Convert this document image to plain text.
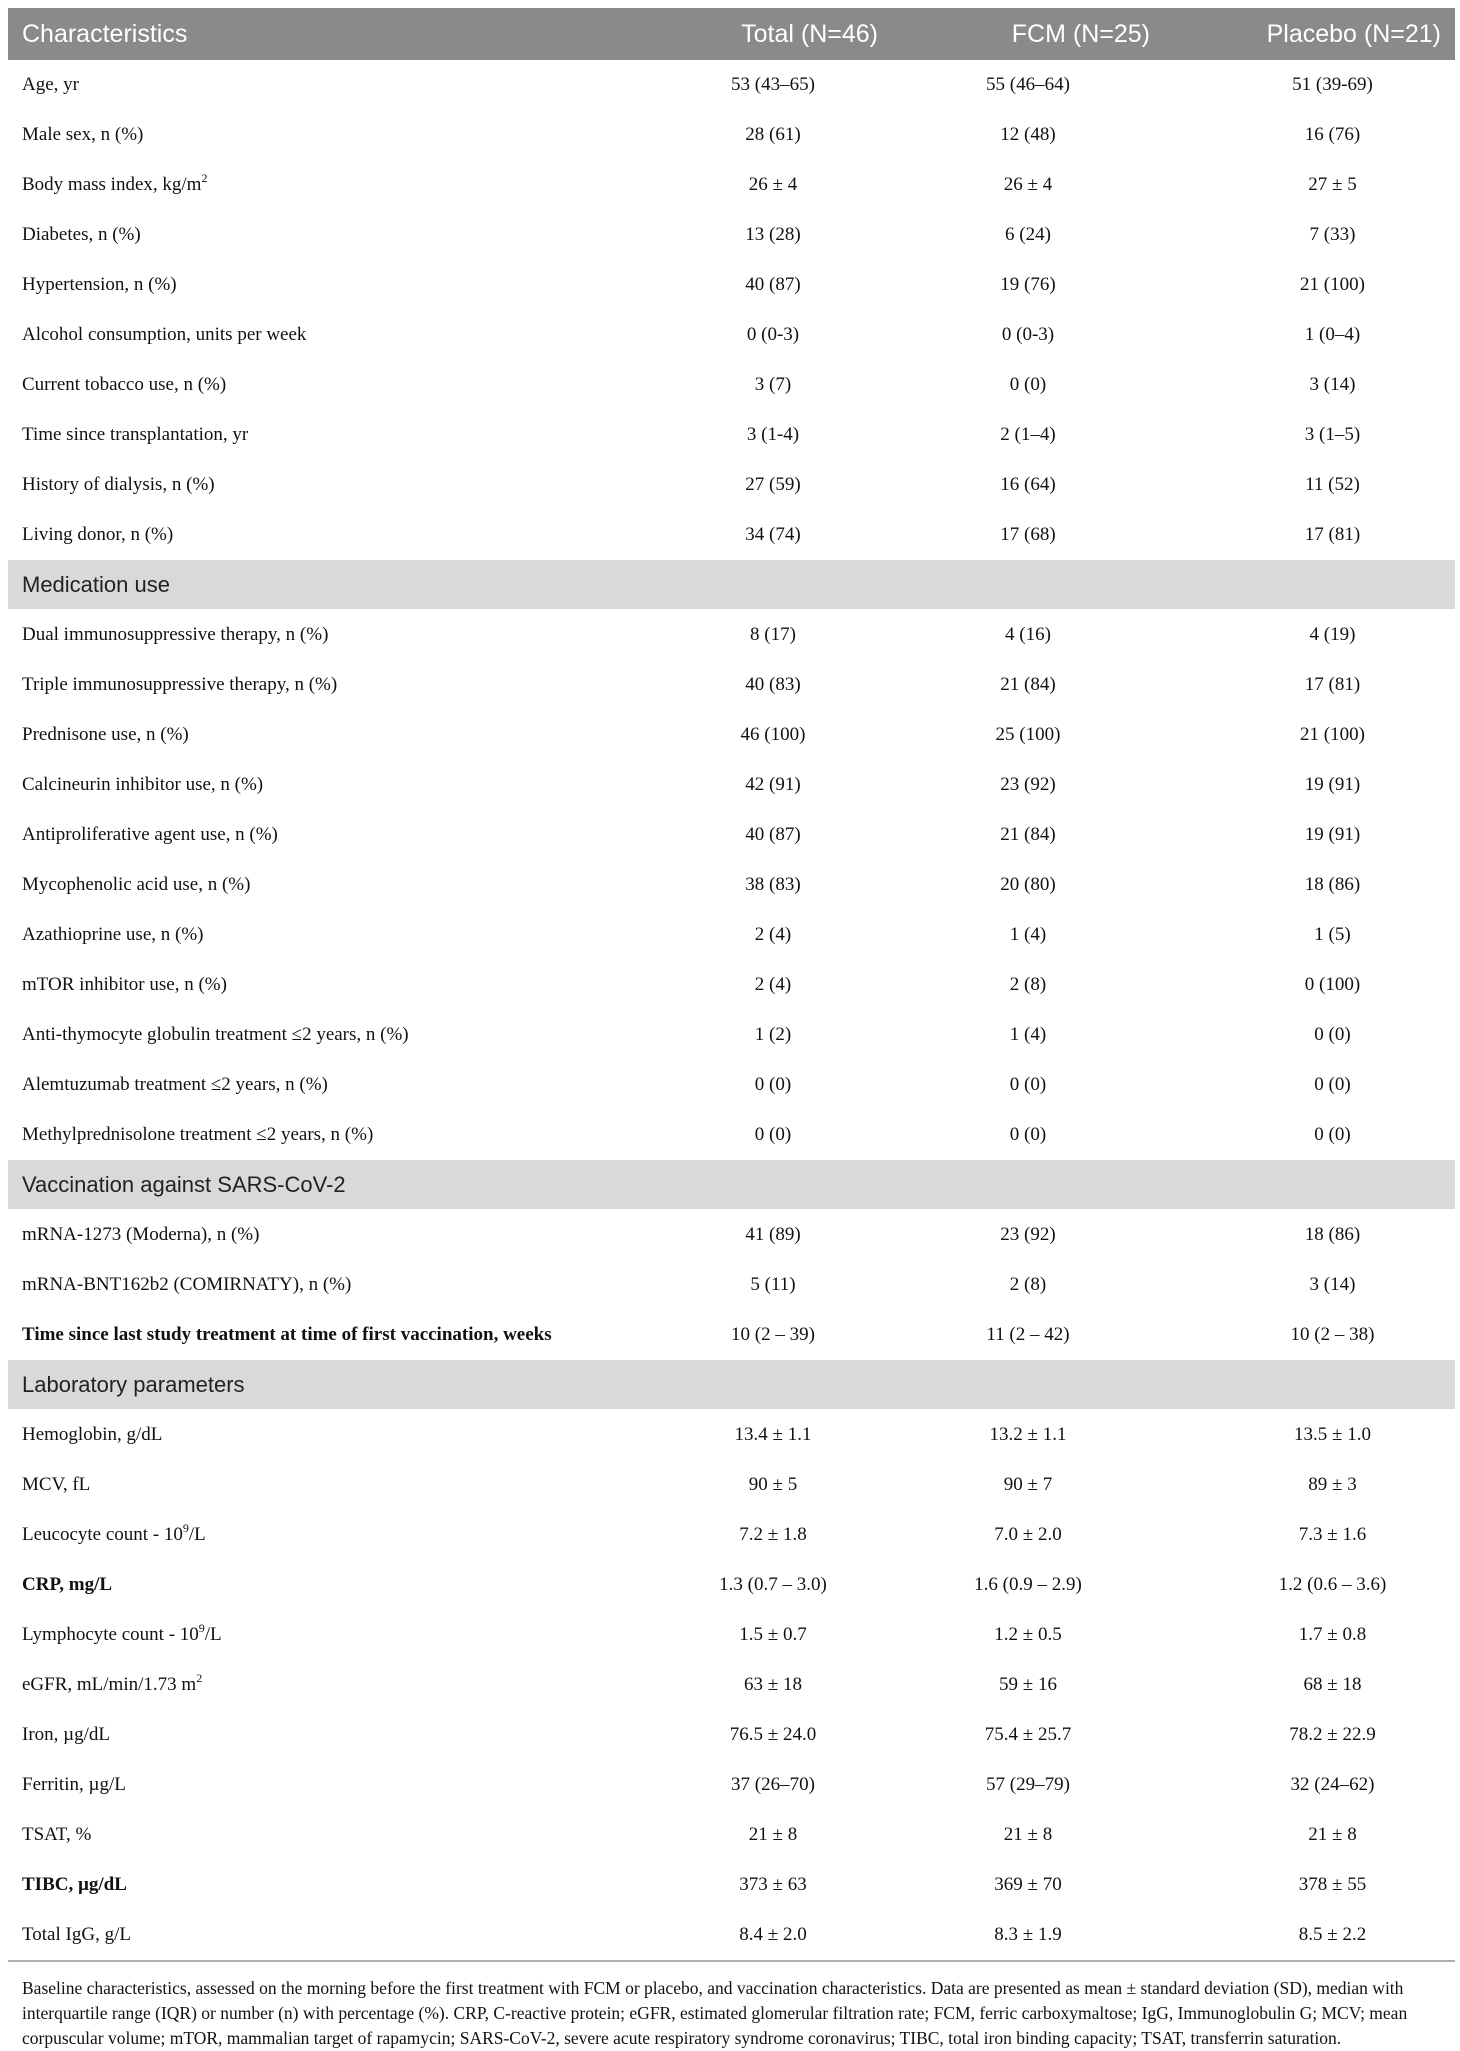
Characteristics	Total (N=46)	FCM (N=25)	Placebo (N=21)
Age, yr	53 (43–65)	55 (46–64)	51 (39-69)
Male sex, n (%)	28 (61)	12 (48)	16 (76)
Body mass index, $kg/m^2$	26 ± 4	26 ± 4	27 ± 5
Diabetes, n (%)	13 (28)	6 (24)	7 (33)
Hypertension, n (%)	40 (87)	19 (76)	21 (100)
Alcohol consumption, units per week	0 (0-3)	0 (0-3)	1 (0–4)
Current tobacco use, n (%)	3 (7)	0 (0)	3 (14)
Time since transplantation, yr	3 (1-4)	2 (1–4)	3 (1–5)
History of dialysis, n (%)	27 (59)	16 (64)	11 (52)
Living donor, n (%)	34 (74)	17 (68)	17 (81)
Medication use			
Dual immunosuppressive therapy, n (%)	8 (17)	4 (16)	4 (19)
Triple immunosuppressive therapy, n (%)	40 (83)	21 (84)	17 (81)
Prednisone use, n (%)	46 (100)	25 (100)	21 (100)
Calcineurin inhibitor use, n (%)	42 (91)	23 (92)	19 (91)
Antiproliferative agent use, n (%)	40 (87)	21 (84)	19 (91)
Mycophenolic acid use, n (%)	38 (83)	20 (80)	18 (86)
Azathioprine use, n (%)	2 (4)	1 (4)	1 (5)
mTOR inhibitor use, n (%)	2 (4)	2 (8)	0 (100)
Anti-thymocyte globulin treatment ≤2 years, n (%)	1 (2)	1 (4)	0 (0)
Alemtuzumab treatment ≤2 years, n (%)	0 (0)	0 (0)	0 (0)
Methylprednisolone treatment ≤2 years, n (%)	0 (0)	0 (0)	0 (0)
Vaccination against SARS-CoV-2			
mRNA-1273 (Moderna), n (%)	41 (89)	23 (92)	18 (86)
mRNA-BNT162b2 (COMIRNATY), n (%)	5 (11)	2 (8)	3 (14)
Time since last study treatment at time of first vaccination, weeks	10 (2 – 39)	11 (2 – 42)	10 (2 – 38)
Laboratory parameters			
Hemoglobin, g/dL	13.4 ± 1.1	13.2 ± 1.1	13.5 ± 1.0
MCV, fL	90 ± 5	90 ± 7	89 ± 3
Leucocyte count - $10^9/L$	7.2 ± 1.8	7.0 ± 2.0	7.3 ± 1.6
CRP, mg/L	1.3 (0.7 – 3.0)	1.6 (0.9 – 2.9)	1.2 (0.6 – 3.6)
Lymphocyte count - $10^9/L$	1.5 ± 0.7	1.2 ± 0.5	1.7 ± 0.8
eGFR, mL/min/1.73 $m^2$	63 ± 18	59 ± 16	68 ± 18
Iron, µg/dL	76.5 ± 24.0	75.4 ± 25.7	78.2 ± 22.9
Ferritin, µg/L	37 (26–70)	57 (29–79)	32 (24–62)
TSAT, %	21 ± 8	21 ± 8	21 ± 8
TIBC, µg/dL	373 ± 63	369 ± 70	378 ± 55
Total IgG, g/L	8.4 ± 2.0	8.3 ± 1.9	8.5 ± 2.2
Baseline characteristics, assessed on the morning before the first treatment with FCM or placebo, and vaccination characteristics. Data are presented as mean ± standard deviation (SD), median with interquartile range (IQR) or number (n) with percentage (%). CRP, C-reactive protein; eGFR, estimated glomerular filtration rate; FCM, ferric carboxymaltose; IgG, Immunoglobulin G; MCV; mean corpuscular volume; mTOR, mammalian target of rapamycin; SARS-CoV-2, severe acute respiratory syndrome coronavirus; TIBC, total iron binding capacity; TSAT, transferrin saturation.
